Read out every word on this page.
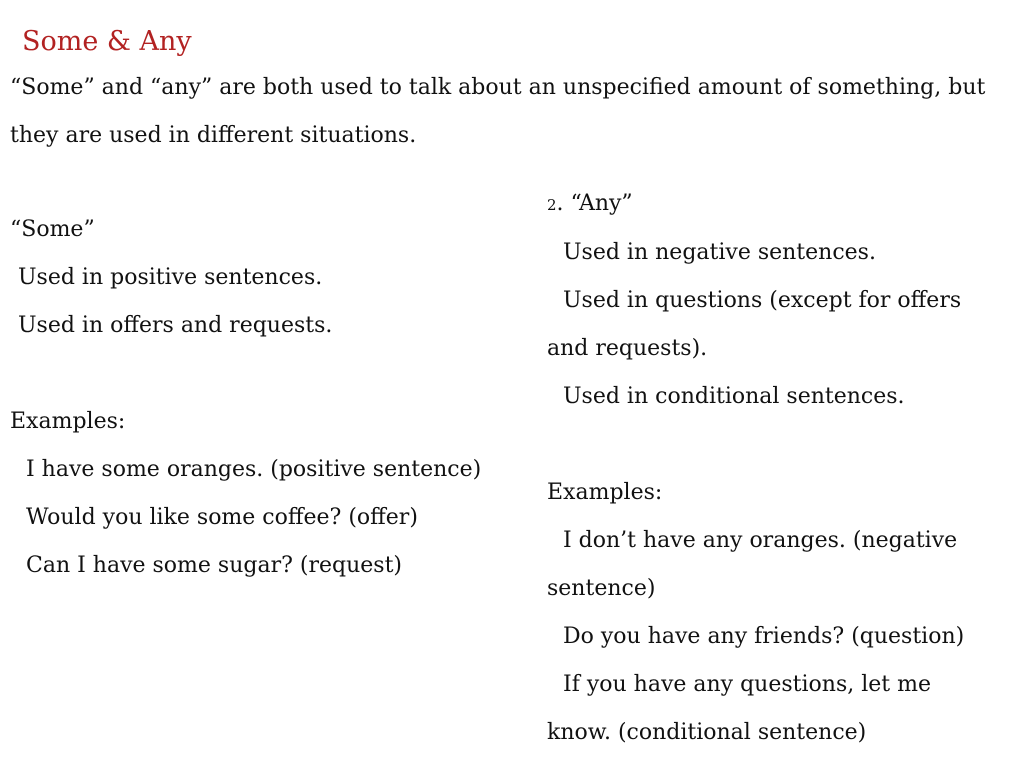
Some & Any

“Some” and “any” are both used to talk about an unspecified amount of something, but they are used in different situations.

“Some”
Used in positive sentences.
Used in offers and requests.
Examples:
I have some oranges. (positive sentence)
Would you like some coffee? (offer)
Can I have some sugar? (request)
2. “Any”
Used in negative sentences.
Used in questions (except for offers and requests).
Used in conditional sentences.
Examples:
I don’t have any oranges. (negative sentence)
Do you have any friends? (question)
If you have any questions, let me know. (conditional sentence)
